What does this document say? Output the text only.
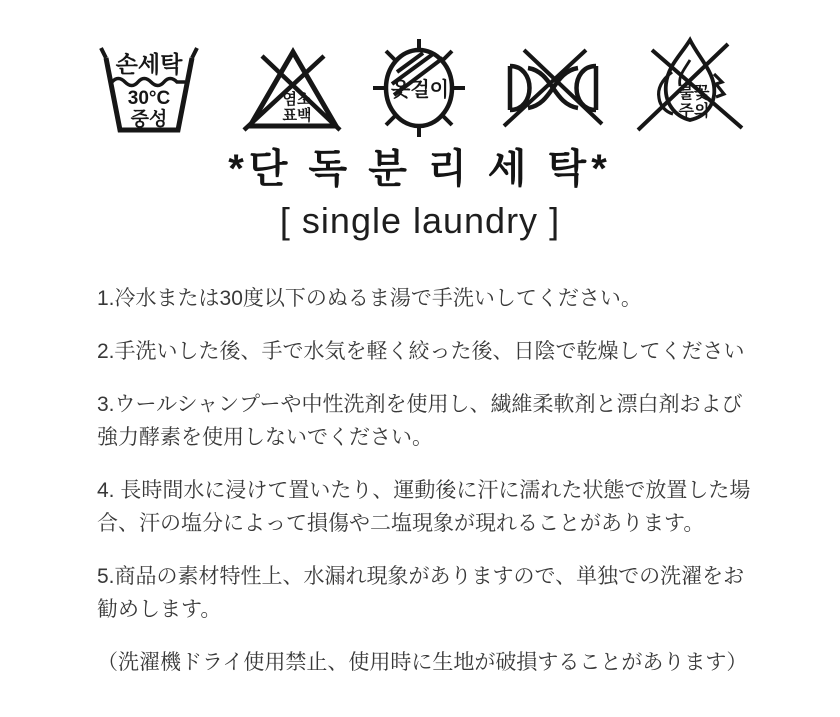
손세탁
30°C
중성
염소
표백
옷걸이	불꽃
주의
*단 독 분 리 세 탁*
[ single laundry ]
1.冷水または30度以下のぬるま湯で手洗いしてください。
2.手洗いした後、手で水気を軽く絞った後、日陰で乾燥してください
3.ウールシャンプーや中性洗剤を使用し、繊維柔軟剤と漂白剤および
強力酵素を使用しないでください。
4. 長時間水に浸けて置いたり、運動後に汗に濡れた状態で放置した場
合、汗の塩分によって損傷や二塩現象が現れることがあります。
5.商品の素材特性上、水漏れ現象がありますので、単独での洗濯をお
勧めします。
（洗濯機ドライ使用禁止、使用時に生地が破損することがあります）
